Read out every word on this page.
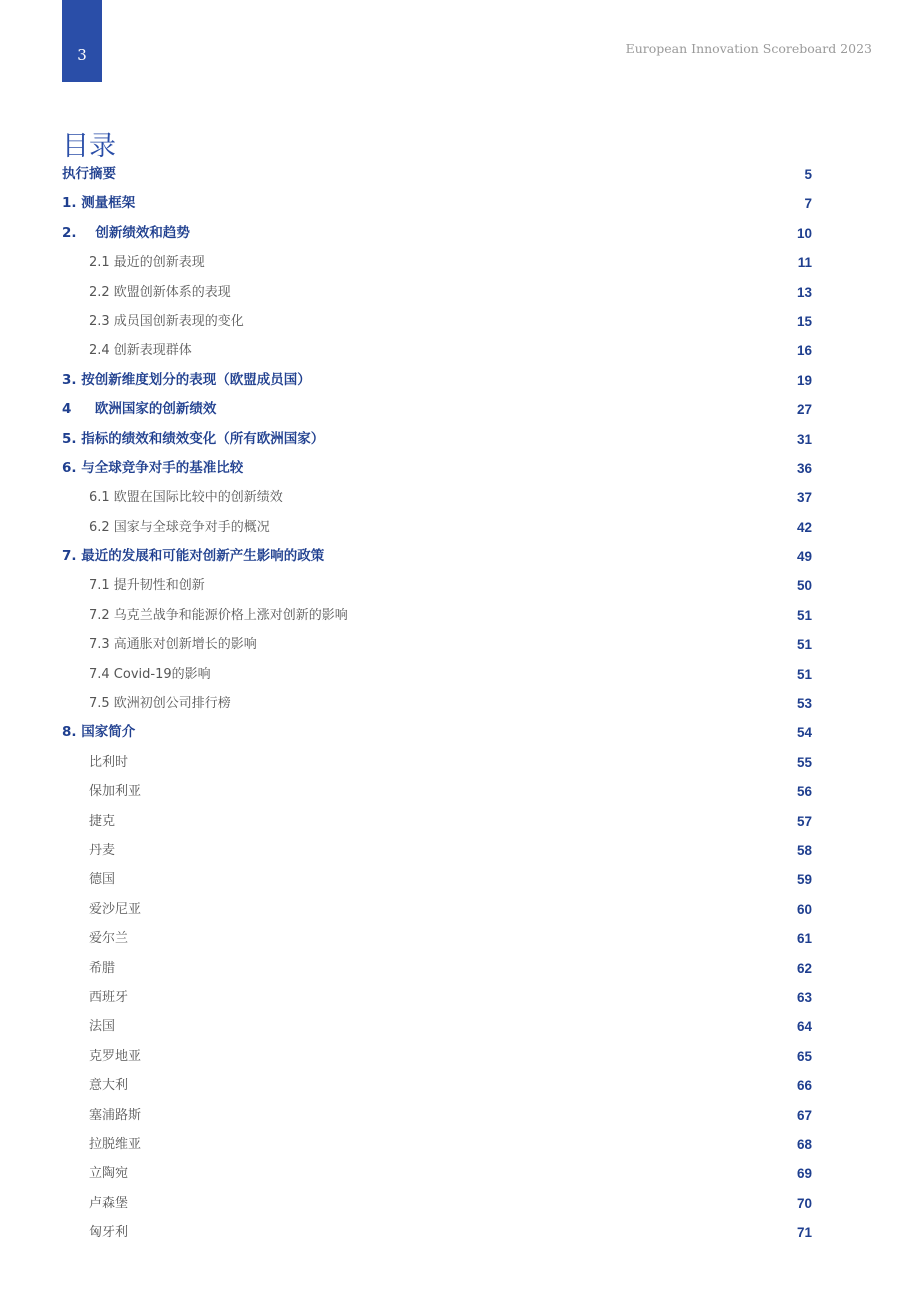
3	European Innovation Scoreboard 2023
目录
执行摘要	5
1. 测量框架	7
2.    创新绩效和趋势	10
2.1 最近的创新表现	11
2.2 欧盟创新体系的表现	13
2.3 成员国创新表现的变化	15
2.4 创新表现群体	16
3. 按创新维度划分的表现（欧盟成员国）	19
4     欧洲国家的创新绩效	27
5. 指标的绩效和绩效变化（所有欧洲国家）	31
6. 与全球竞争对手的基准比较	36
6.1 欧盟在国际比较中的创新绩效	37
6.2 国家与全球竞争对手的概况	42
7. 最近的发展和可能对创新产生影响的政策	49
7.1 提升韧性和创新	50
7.2 乌克兰战争和能源价格上涨对创新的影响	51
7.3 高通胀对创新增长的影响	51
7.4 Covid-19的影响	51
7.5 欧洲初创公司排行榜	53
8. 国家简介	54
比利时	55
保加利亚	56
捷克	57
丹麦	58
德国	59
爱沙尼亚	60
爱尔兰	61
希腊	62
西班牙	63
法国	64
克罗地亚	65
意大利	66
塞浦路斯	67
拉脱维亚	68
立陶宛	69
卢森堡	70
匈牙利	71
